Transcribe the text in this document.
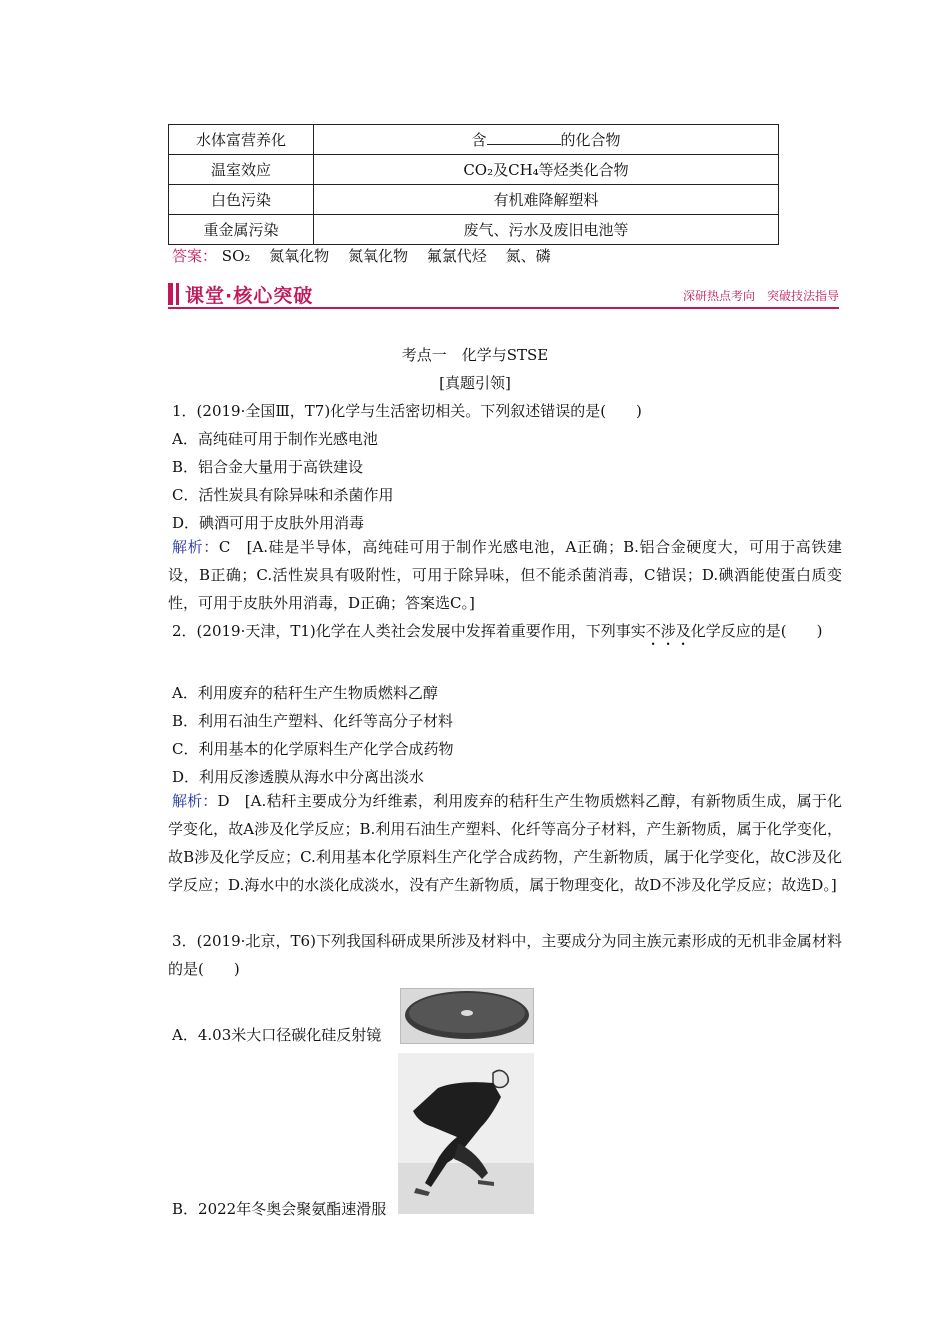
水体富营养化	含 的化合物
温室效应	CO₂及CH₄等烃类化合物
白色污染	有机难降解塑料
重金属污染	废气、污水及废旧电池等
答案： SO₂ 氮氧化物 氮氧化物 氟氯代烃 氮、磷
课堂·核心突破	深研热点考向　突破技法指导
考点一　化学与STSE
[真题引领]
1．(2019·全国Ⅲ，T7)化学与生活密切相关。下列叙述错误的是(　　)
A．高纯硅可用于制作光感电池
B．铝合金大量用于高铁建设
C．活性炭具有除异味和杀菌作用
D．碘酒可用于皮肤外用消毒
解析：C　[A.硅是半导体，高纯硅可用于制作光感电池，A正确；B.铝合金硬度大，可用于高铁建设，B正确；C.活性炭具有吸附性，可用于除异味，但不能杀菌消毒，C错误；D.碘酒能使蛋白质变性，可用于皮肤外用消毒，D正确；答案选C。]
2．(2019·天津，T1)化学在人类社会发展中发挥着重要作用，下列事实不涉及化学反应的是(　　)
A．利用废弃的秸秆生产生物质燃料乙醇
B．利用石油生产塑料、化纤等高分子材料
C．利用基本的化学原料生产化学合成药物
D．利用反渗透膜从海水中分离出淡水
解析：D　[A.秸秆主要成分为纤维素，利用废弃的秸秆生产生物质燃料乙醇，有新物质生成，属于化学变化，故A涉及化学反应；B.利用石油生产塑料、化纤等高分子材料，产生新物质，属于化学变化，故B涉及化学反应；C.利用基本化学原料生产化学合成药物，产生新物质，属于化学变化，故C涉及化学反应；D.海水中的水淡化成淡水，没有产生新物质，属于物理变化，故D不涉及化学反应；故选D。]
3．(2019·北京，T6)下列我国科研成果所涉及材料中，主要成分为同主族元素形成的无机非金属材料的是(　　)
A．4.03米大口径碳化硅反射镜
B．2022年冬奥会聚氨酯速滑服
